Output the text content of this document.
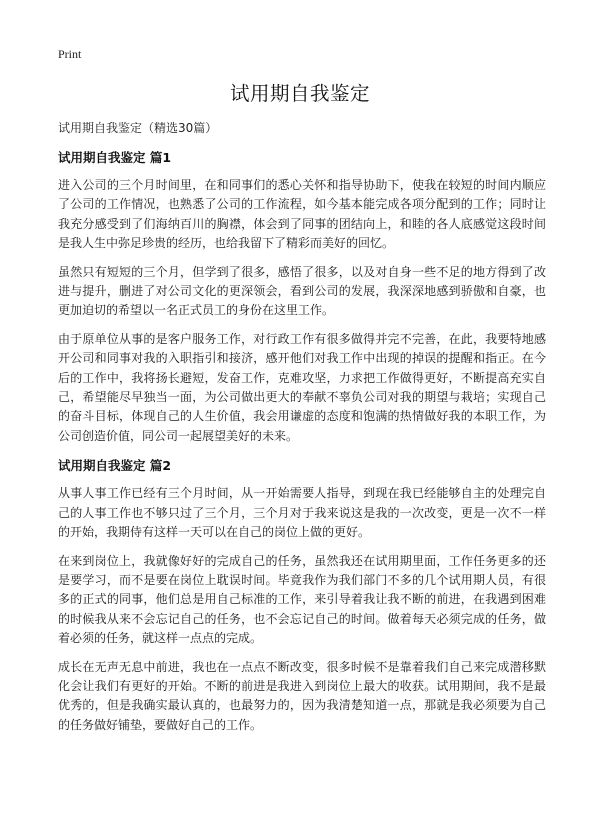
Print
试用期自我鉴定

试用期自我鉴定（精选30篇）

试用期自我鉴定 篇1

进入公司的三个月时间里，在和同事们的悉心关怀和指导协助下，使我在较短的时间内顺应了公司的工作情况，也熟悉了公司的工作流程，如今基本能完成各项分配到的工作；同时让我充分感受到了们海纳百川的胸襟，体会到了同事的团结向上，和睦的各人底感觉这段时间是我人生中弥足珍贵的经历，也给我留下了精彩而美好的回忆。

虽然只有短短的三个月，但学到了很多，感悟了很多，以及对自身一些不足的地方得到了改进与提升，删进了对公司文化的更深领会，看到公司的发展，我深深地感到骄傲和自豪，也更加迫切的希望以一名正式员工的身份在这里工作。

由于原单位从事的是客户服务工作，对行政工作有很多做得并完不完善，在此，我要特地感开公司和同事对我的入职指引和接济，感开他们对我工作中出现的掉误的提醒和指正。在今后的工作中，我将扬长避短，发奋工作，克难攻坚，力求把工作做得更好，不断提高充实自己，希望能尽早独当一面，为公司做出更大的奉献不辜负公司对我的期望与栽培；实现自己的奋斗目标，体现自己的人生价值，我会用谦虚的态度和饱满的热情做好我的本职工作，为公司创造价值，同公司一起展望美好的未来。

试用期自我鉴定 篇2

从事人事工作已经有三个月时间，从一开始需要人指导，到现在我已经能够自主的处理完自己的人事工作也不够只过了三个月，三个月对于我来说这是我的一次改变，更是一次不一样的开始，我期侍有这样一天可以在自己的岗位上做的更好。

在来到岗位上，我就像好好的完成自己的任务，虽然我还在试用期里面，工作任务更多的还是要学习，而不是要在岗位上耽误时间。毕竟我作为我们部门不多的几个试用期人员，有很多的正式的同事，他们总是用自己标准的工作，来引导着我让我不断的前进，在我遇到困难的时候我从来不会忘记自己的任务，也不会忘记自己的时间。做着每天必须完成的任务，做着必须的任务，就这样一点点的完成。

成长在无声无息中前进，我也在一点点不断改变，很多时候不是靠着我们自己来完成潜移默化会让我们有更好的开始。不断的前进是我进入到岗位上最大的收获。试用期间，我不是最优秀的，但是我确实最认真的，也最努力的，因为我清楚知道一点，那就是我必须要为自己的任务做好铺垫，要做好自己的工作。
